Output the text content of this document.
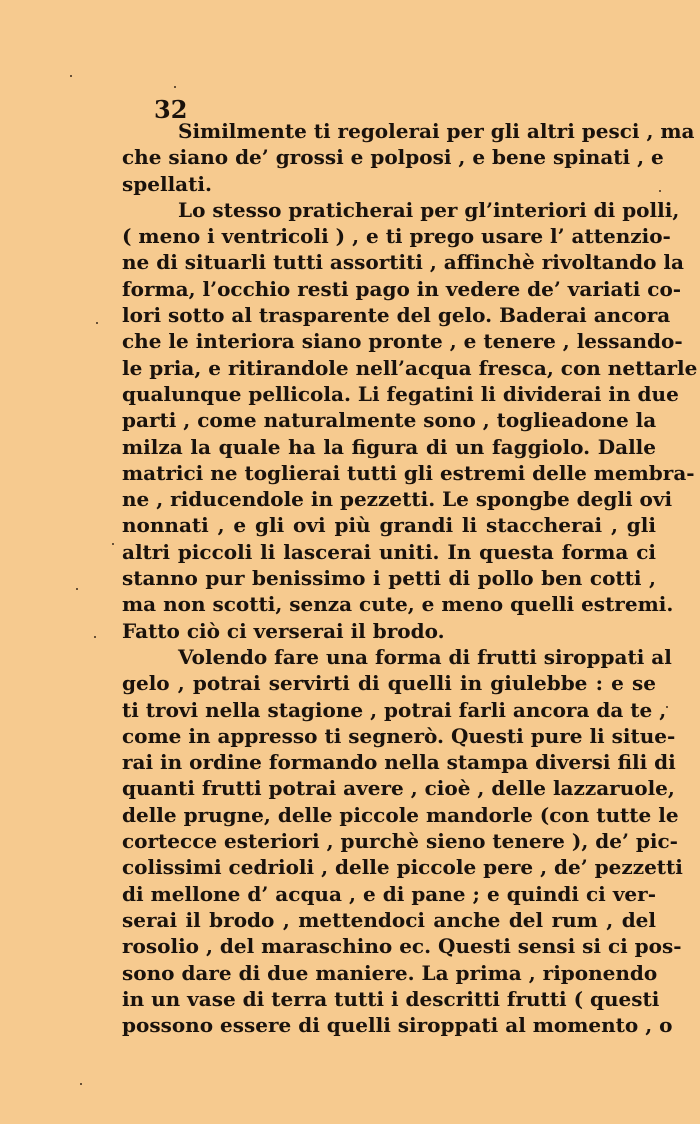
32
Similmente ti regolerai per gli altri pesci , ma
che siano de’ grossi e polposi , e bene spinati , e
spellati.
Lo stesso praticherai per gl’interiori di polli,
( meno i ventricoli ) , e ti prego usare l’ attenzio-
ne di situarli tutti assortiti , affinchè rivoltando la
forma, l’occhio resti pago in vedere de’ variati co-
lori sotto al trasparente del gelo. Baderai ancora
che le interiora siano pronte , e tenere , lessando-
le pria, e ritirandole nell’acqua fresca, con nettarle
qualunque pellicola. Li fegatini li dividerai in due
parti , come naturalmente sono , toglieadone la
milza la quale ha la figura di un faggiolo. Dalle
matrici ne toglierai tutti gli estremi delle membra-
ne , riducendole in pezzetti. Le spongbe degli ovi
nonnati , e gli ovi più grandi li staccherai , gli
altri piccoli li lascerai uniti. In questa forma ci
stanno pur benissimo i petti di pollo ben cotti ,
ma non scotti, senza cute, e meno quelli estremi.
Fatto ciò ci verserai il brodo.
Volendo fare una forma di frutti siroppati al
gelo , potrai servirti di quelli in giulebbe : e se
ti trovi nella stagione , potrai farli ancora da te ,
come in appresso ti segnerò. Questi pure li situe-
rai in ordine formando nella stampa diversi fili di
quanti frutti potrai avere , cioè , delle lazzaruole,
delle prugne, delle piccole mandorle (con tutte le
cortecce esteriori , purchè sieno tenere ), de’ pic-
colissimi cedrioli , delle piccole pere , de’ pezzetti
di mellone d’ acqua , e di pane ; e quindi ci ver-
serai il brodo , mettendoci anche del rum , del
rosolio , del maraschino ec. Questi sensi si ci pos-
sono dare di due maniere. La prima , riponendo
in un vase di terra tutti i descritti frutti ( questi
possono essere di quelli siroppati al momento , o
